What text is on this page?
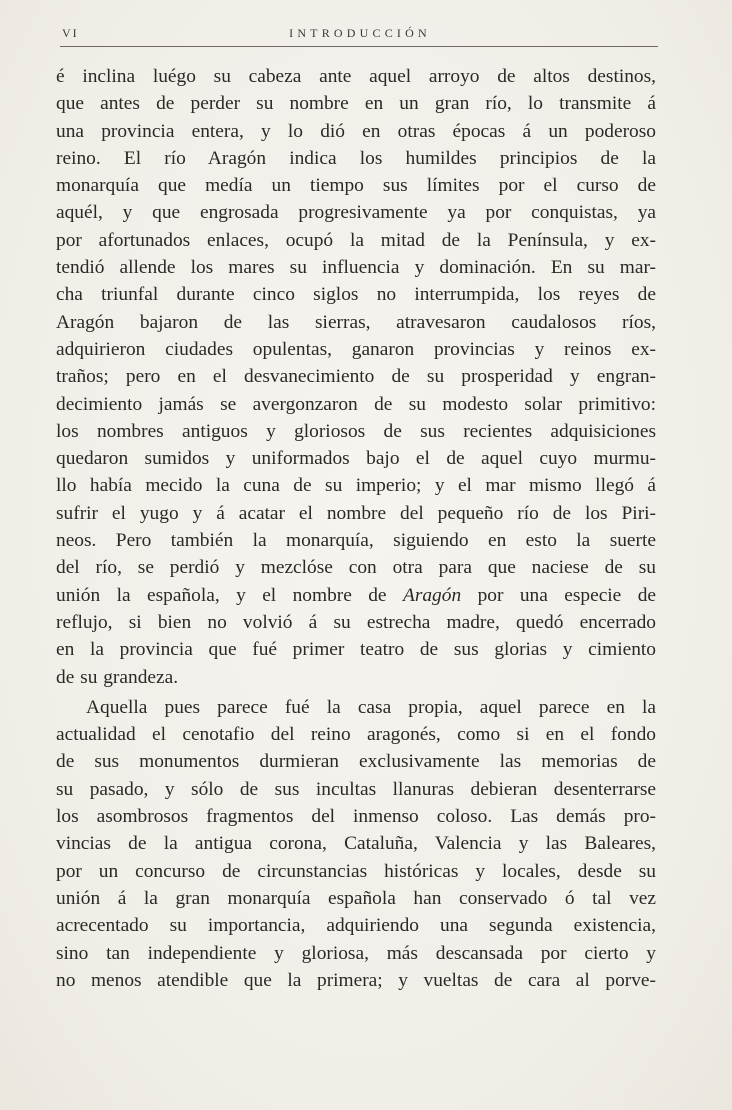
VI	INTRODUCCIÓN
é inclina luégo su cabeza ante aquel arroyo de altos destinos,
que antes de perder su nombre en un gran río, lo transmite á
una provincia entera, y lo dió en otras épocas á un poderoso
reino. El río Aragón indica los humildes principios de la
monarquía que medía un tiempo sus límites por el curso de
aquél, y que engrosada progresivamente ya por conquistas, ya
por afortunados enlaces, ocupó la mitad de la Península, y ex-
tendió allende los mares su influencia y dominación. En su mar-
cha triunfal durante cinco siglos no interrumpida, los reyes de
Aragón bajaron de las sierras, atravesaron caudalosos ríos,
adquirieron ciudades opulentas, ganaron provincias y reinos ex-
traños; pero en el desvanecimiento de su prosperidad y engran-
decimiento jamás se avergonzaron de su modesto solar primitivo:
los nombres antiguos y gloriosos de sus recientes adquisiciones
quedaron sumidos y uniformados bajo el de aquel cuyo murmu-
llo había mecido la cuna de su imperio; y el mar mismo llegó á
sufrir el yugo y á acatar el nombre del pequeño río de los Piri-
neos. Pero también la monarquía, siguiendo en esto la suerte
del río, se perdió y mezclóse con otra para que naciese de su
unión la española, y el nombre de Aragón por una especie de
reflujo, si bien no volvió á su estrecha madre, quedó encerrado
en la provincia que fué primer teatro de sus glorias y cimiento
de su grandeza.
Aquella pues parece fué la casa propia, aquel parece en la
actualidad el cenotafio del reino aragonés, como si en el fondo
de sus monumentos durmieran exclusivamente las memorias de
su pasado, y sólo de sus incultas llanuras debieran desenterrarse
los asombrosos fragmentos del inmenso coloso. Las demás pro-
vincias de la antigua corona, Cataluña, Valencia y las Baleares,
por un concurso de circunstancias históricas y locales, desde su
unión á la gran monarquía española han conservado ó tal vez
acrecentado su importancia, adquiriendo una segunda existencia,
sino tan independiente y gloriosa, más descansada por cierto y
no menos atendible que la primera; y vueltas de cara al porve-
